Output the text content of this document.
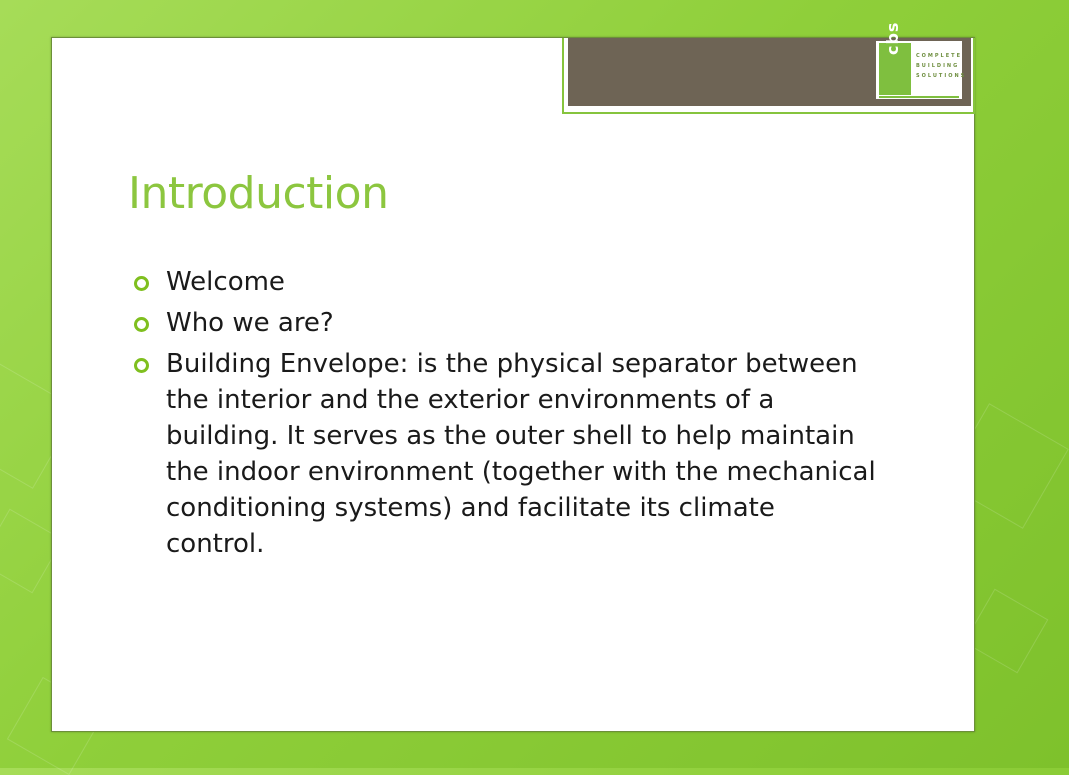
cbs
COMPLETE
BUILDING
SOLUTIONS
Introduction
Welcome
Who we are?
Building Envelope: is the physical separator between the interior and the exterior environments of a building. It serves as the outer shell to help maintain the indoor environment (together with the mechanical conditioning systems) and facilitate its climate control.
